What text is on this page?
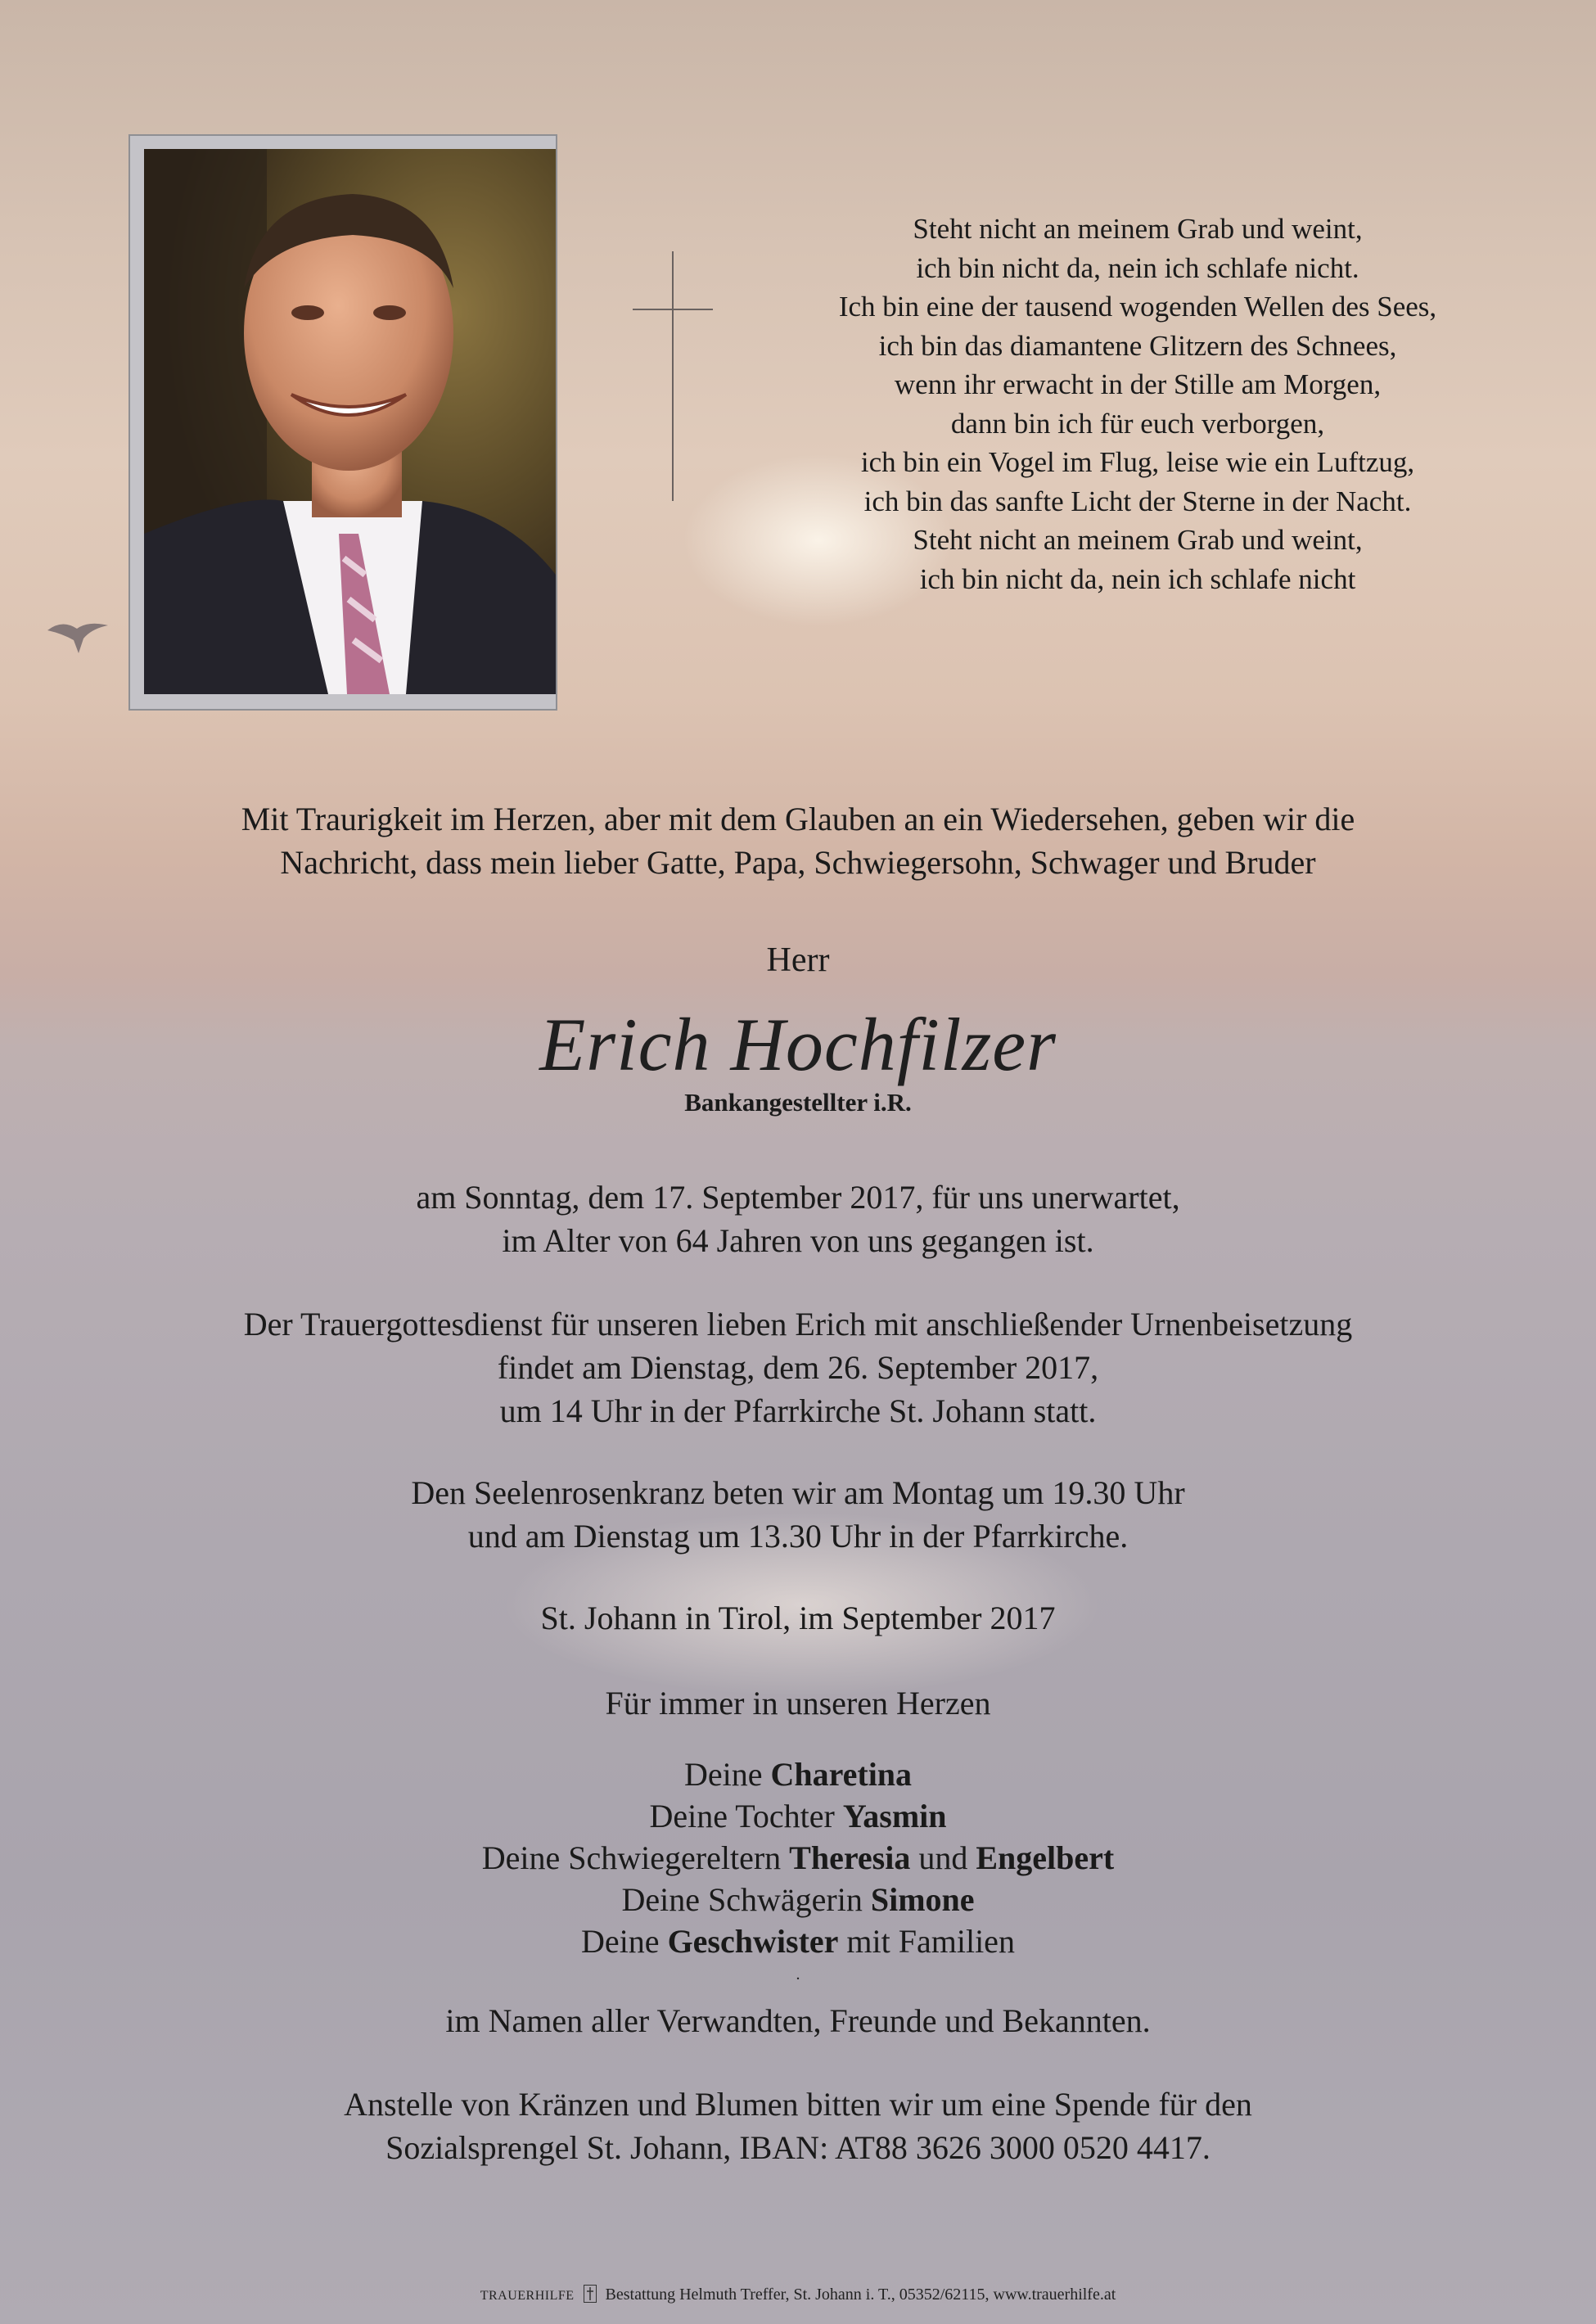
Steht nicht an meinem Grab und weint,
ich bin nicht da, nein ich schlafe nicht.
Ich bin eine der tausend wogenden Wellen des Sees,
ich bin das diamantene Glitzern des Schnees,
wenn ihr erwacht in der Stille am Morgen,
dann bin ich für euch verborgen,
ich bin ein Vogel im Flug, leise wie ein Luftzug,
ich bin das sanfte Licht der Sterne in der Nacht.
Steht nicht an meinem Grab und weint,
ich bin nicht da, nein ich schlafe nicht
Mit Traurigkeit im Herzen, aber mit dem Glauben an ein Wiedersehen, geben wir die
Nachricht, dass mein lieber Gatte, Papa, Schwiegersohn, Schwager und Bruder
Herr
Erich Hochfilzer
Bankangestellter i.R.
am Sonntag, dem 17. September 2017, für uns unerwartet,
im Alter von 64 Jahren von uns gegangen ist.
Der Trauergottesdienst für unseren lieben Erich mit anschließender Urnenbeisetzung
findet am Dienstag, dem 26. September 2017,
um 14 Uhr in der Pfarrkirche St. Johann statt.
Den Seelenrosenkranz beten wir am Montag um 19.30 Uhr
und am Dienstag um 13.30 Uhr in der Pfarrkirche.
St. Johann in Tirol, im September 2017
Für immer in unseren Herzen
Deine Charetina
Deine Tochter Yasmin
Deine Schwiegereltern Theresia und Engelbert
Deine Schwägerin Simone
Deine Geschwister mit Familien
.
im Namen aller Verwandten, Freunde und Bekannten.
Anstelle von Kränzen und Blumen bitten wir um eine Spende für den
Sozialsprengel St. Johann, IBAN: AT88 3626 3000 0520 4417.
TRAUERHILFE Bestattung Helmuth Treffer, St. Johann i. T., 05352/62115, www.trauerhilfe.at
